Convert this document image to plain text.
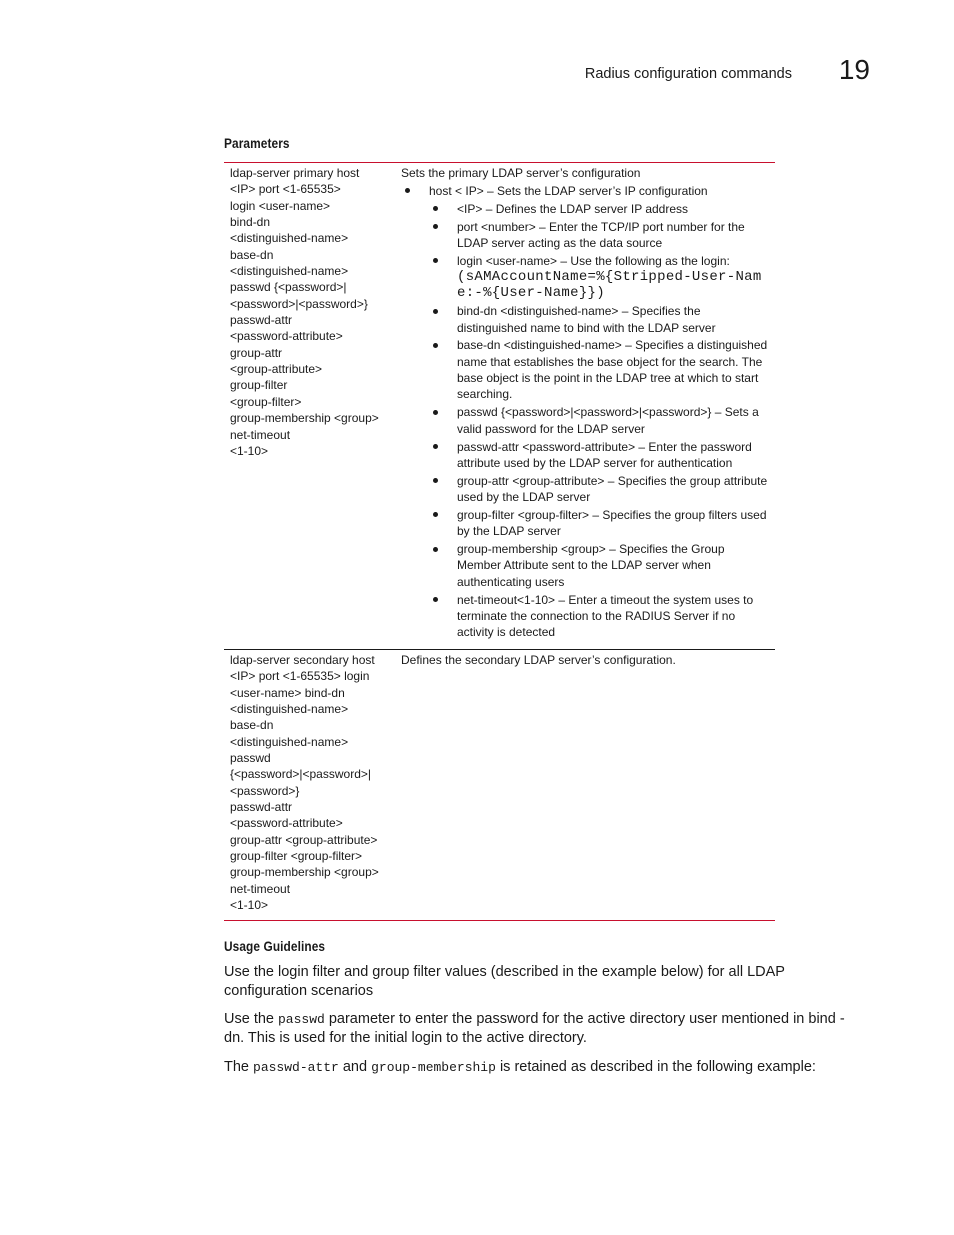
Radius configuration commands	19
Parameters
ldap-server primary host
<IP> port <1-65535>
login <user-name>
bind-dn
<distinguished-name>
base-dn
<distinguished-name>
passwd {<password>|
<password>|<password>}
passwd-attr
<password-attribute>
group-attr
<group-attribute>
group-filter
<group-filter>
group-membership <group>
net-timeout
<1-10>
Sets the primary LDAP server’s configuration
host < IP> – Sets the LDAP server’s IP configuration
<IP> – Defines the LDAP server IP address
port <number> – Enter the TCP/IP port number for the LDAP server acting as the data source
login <user-name> – Use the following as the login:
(sAMAccountName=%{Stripped-User-Name:-%{User-Name}})
bind-dn <distinguished-name> – Specifies the distinguished name to bind with the LDAP server
base-dn <distinguished-name> – Specifies a distinguished name that establishes the base object for the search. The base object is the point in the LDAP tree at which to start searching.
passwd {<password>|<password>|<password>} – Sets a valid password for the LDAP server
passwd-attr <password-attribute> – Enter the password attribute used by the LDAP server for authentication
group-attr <group-attribute> – Specifies the group attribute used by the LDAP server
group-filter <group-filter> – Specifies the group filters used by the LDAP server
group-membership <group> – Specifies the Group Member Attribute sent to the LDAP server when authenticating users
net-timeout<1-10> – Enter a timeout the system uses to terminate the connection to the RADIUS Server if no activity is detected
ldap-server secondary host
<IP> port <1-65535> login
<user-name> bind-dn
<distinguished-name>
base-dn
<distinguished-name>
passwd
{<password>|<password>|
<password>}
passwd-attr
<password-attribute>
group-attr <group-attribute>
group-filter <group-filter>
group-membership <group>
net-timeout
<1-10>
Defines the secondary LDAP server’s configuration.
Usage Guidelines
Use the login filter and group filter values (described in the example below) for all LDAP configuration scenarios
Use the passwd parameter to enter the password for the active directory user mentioned in bind -dn. This is used for the initial login to the active directory.
The passwd-attr and group-membership is retained as described in the following example:
